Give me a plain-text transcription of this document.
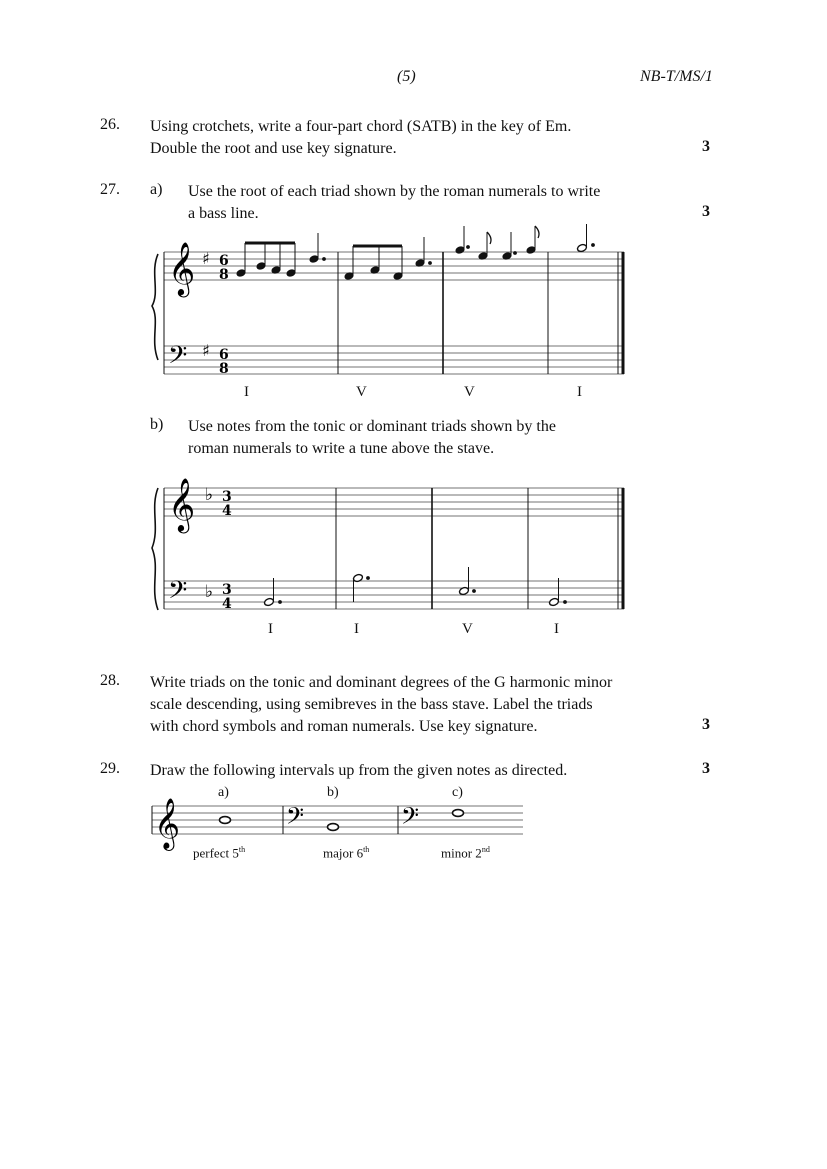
(5)	NB-T/MS/1
26. Using crotchets, write a four-part chord (SATB) in the key of Em.
Double the root and use key signature.	3
27. a) Use the root of each triad shown by the roman numerals to write
a bass line.	3
𝄞
𝄢
♯
♯
6
8
6
8
I	V	V	I
b) Use notes from the tonic or dominant triads shown by the
roman numerals to write a tune above the stave.
𝄞
𝄢
♭
♭
3
4
3
4
I	I	V	I
28. Write triads on the tonic and dominant degrees of the G harmonic minor
scale descending, using semibreves in the bass stave. Label the triads
with chord symbols and roman numerals. Use key signature.	3
29. Draw the following intervals up from the given notes as directed.	3
a)	b)	c)
𝄞	𝄢	𝄢
perfect 5th	major 6th	minor 2nd
